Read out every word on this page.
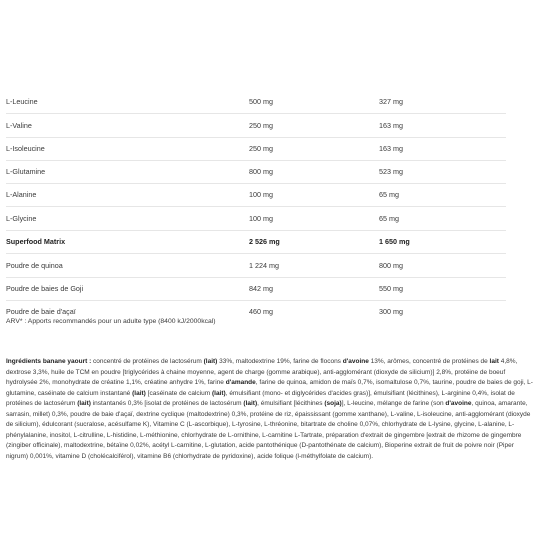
L-Leucine	500 mg	327 mg
L-Valine	250 mg	163 mg
L-Isoleucine	250 mg	163 mg
L-Glutamine	800 mg	523 mg
L-Alanine	100 mg	65 mg
L-Glycine	100 mg	65 mg
Superfood Matrix	2 526 mg	1 650 mg
Poudre de quinoa	1 224 mg	800 mg
Poudre de baies de Goji	842 mg	550 mg
Poudre de baie d'açaï	460 mg	300 mg
ARV* : Apports recommandés pour un adulte type (8400 kJ/2000kcal)
Ingrédients banane yaourt : concentré de protéines de lactosérum (lait) 33%, maltodextrine 19%, farine de flocons d'avoine 13%, arômes, concentré de protéines de lait 4,8%, dextrose 3,3%, huile de TCM en poudre [triglycérides à chaine moyenne, agent de charge (gomme arabique), anti-agglomérant (dioxyde de silicium)] 2,8%, protéine de boeuf hydrolysée 2%, monohydrate de créatine 1,1%, créatine anhydre 1%, farine d'amande, farine de quinoa, amidon de maïs 0,7%, isomaltulose 0,7%, taurine, poudre de baies de goji, L-glutamine, caséinate de calcium instantané (lait) [caséinate de calcium (lait), émulsifiant (mono- et diglycérides d'acides gras)], émulsifiant (lécithines), L-arginine 0,4%, isolat de protéines de lactosérum (lait) instantanés 0,3% [isolat de protéines de lactosérum (lait), émulsifiant [lécithines (soja)], L-leucine, mélange de farine (son d'avoine, quinoa, amarante, sarrasin, millet) 0,3%, poudre de baie d'açaï, dextrine cyclique (maltodextrine) 0,3%, protéine de riz, épaississant (gomme xanthane), L-valine, L-isoleucine, anti-agglomérant (dioxyde de silicium), édulcorant (sucralose, acésulfame K), Vitamine C (L-ascorbique), L-tyrosine, L-thréonine, bitartrate de choline 0,07%, chlorhydrate de L-lysine, glycine, L-alanine, L-phénylalanine, inositol, L-citrulline, L-histidine, L-méthionine, chlorhydrate de L-ornithine, L-carnitine L-Tartrate, préparation d'extrait de gingembre [extrait de rhizome de gingembre (zingiber officinale), maltodextrine, bétaïne 0,02%, acétyl L-carnitine, L-glutation, acide pantothénique (D-pantothénate de calcium), Bioperine extrait de fruit de poivre noir (Piper nigrum) 0,001%, vitamine D (cholécalciférol), vitamine B6 (chlorhydrate de pyridoxine), acide folique (l-méthylfolate de calcium).
